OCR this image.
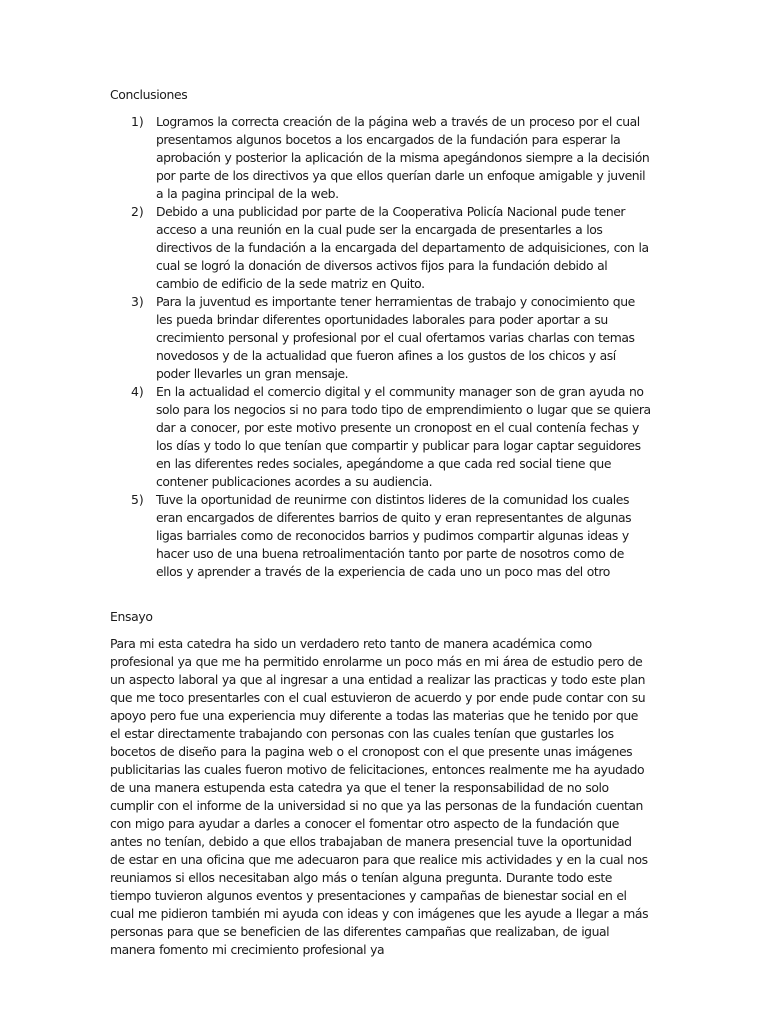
Conclusiones
1) Logramos la correcta creación de la página web a través de un proceso por el cual presentamos algunos bocetos a los encargados de la fundación para esperar la aprobación y posterior la aplicación de la misma apegándonos siempre a la decisión por parte de los directivos ya que ellos querían darle un enfoque amigable y juvenil a la pagina principal de la web.
2) Debido a una publicidad por parte de la Cooperativa Policía Nacional pude tener acceso a una reunión en la cual pude ser la encargada de presentarles a los directivos de la fundación a la encargada del departamento de adquisiciones, con la cual se logró la donación de diversos activos fijos para la fundación debido al cambio de edificio de la sede matriz en Quito.
3) Para la juventud es importante tener herramientas de trabajo y conocimiento que les pueda brindar diferentes oportunidades laborales para poder aportar a su crecimiento personal y profesional por el cual ofertamos varias charlas con temas novedosos y de la actualidad que fueron afines a los gustos de los chicos y así poder llevarles un gran mensaje.
4) En la actualidad el comercio digital y el community manager son de gran ayuda no solo para los negocios si no para todo tipo de emprendimiento o lugar que se quiera dar a conocer, por este motivo presente un cronopost en el cual contenía fechas y los días y todo lo que tenían que compartir y publicar para logar captar seguidores en las diferentes redes sociales, apegándome a que cada red social tiene que contener publicaciones acordes a su audiencia.
5) Tuve la oportunidad de reunirme con distintos lideres de la comunidad los cuales eran encargados de diferentes barrios de quito y eran representantes de algunas ligas barriales como de reconocidos barrios y pudimos compartir algunas ideas y hacer uso de una buena retroalimentación tanto por parte de nosotros como de ellos y aprender a través de la experiencia de cada uno un poco mas del otro
Ensayo

Para mi esta catedra ha sido un verdadero reto tanto de manera académica como profesional ya que me ha permitido enrolarme un poco más en mi área de estudio pero de un aspecto laboral ya que al ingresar a una entidad a realizar las practicas y todo este plan que me toco presentarles con el cual estuvieron de acuerdo y por ende pude contar con su apoyo pero fue una experiencia muy diferente a todas las materias que he tenido por que el estar directamente trabajando con personas con las cuales tenían que gustarles los bocetos de diseño para la pagina web o el cronopost con el que presente unas imágenes publicitarias las cuales fueron motivo de felicitaciones, entonces realmente me ha ayudado de una manera estupenda esta catedra ya que el tener la responsabilidad de no solo cumplir con el informe de la universidad si no que ya las personas de la fundación cuentan con migo para ayudar a darles a conocer el fomentar otro aspecto de la fundación que antes no tenían, debido a que ellos trabajaban de manera presencial tuve la oportunidad de estar en una oficina que me adecuaron para que realice mis actividades y en la cual nos reuniamos si ellos necesitaban algo más o tenían alguna pregunta. Durante todo este tiempo tuvieron algunos eventos y presentaciones y campañas de bienestar social en el cual me pidieron también mi ayuda con ideas y con imágenes que les ayude a llegar a más personas para que se beneficien de las diferentes campañas que realizaban, de igual manera fomento mi crecimiento profesional ya
